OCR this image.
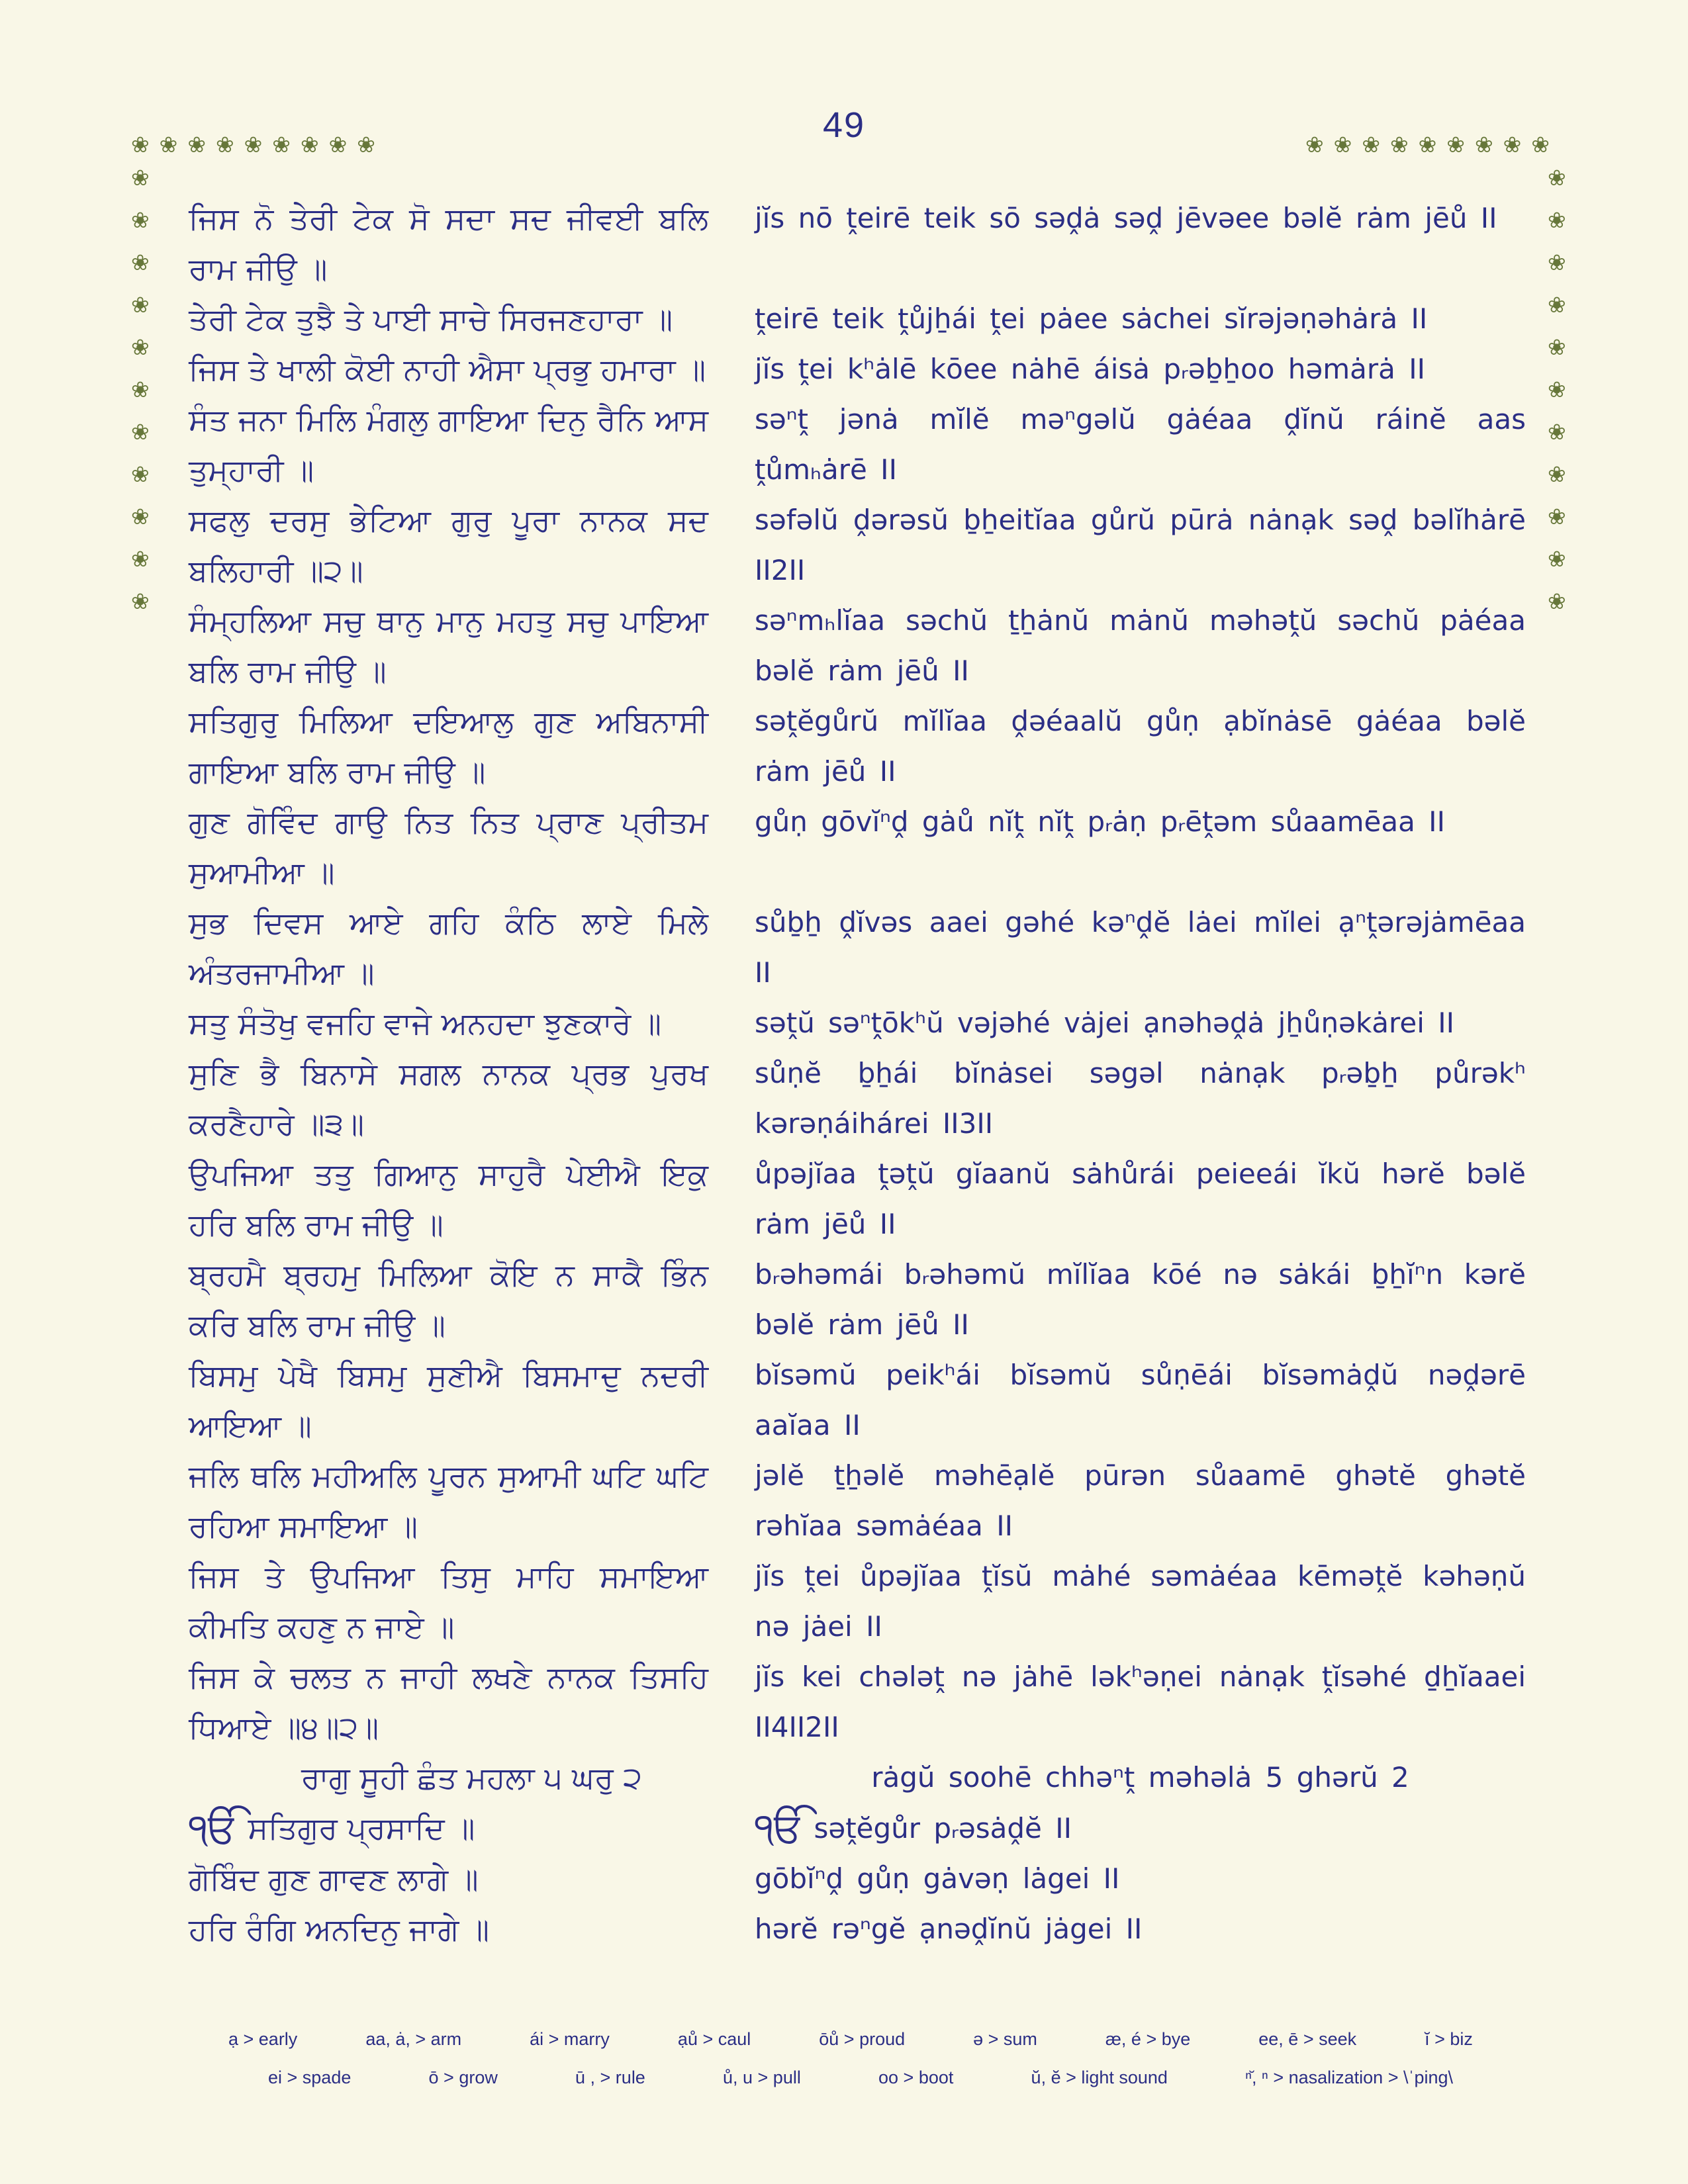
49
❀ ❀ ❀ ❀ ❀ ❀ ❀ ❀ ❀	❀ ❀ ❀ ❀ ❀ ❀ ❀ ❀ ❀
❀
❀
❀
❀
❀
❀
❀
❀
❀
❀
❀
❀
❀
❀
❀
❀
❀
❀
❀
❀
❀
❀
ਜਿਸ ਨੋ ਤੇਰੀ ਟੇਕ ਸੋ ਸਦਾ ਸਦ ਜੀਵਈ ਬਲਿ ਰਾਮ ਜੀਉ ॥
jĭs nō ṱeirē teik sō səḓȧ səḓ jēvəee bəlĕ rȧm jēů II
ਤੇਰੀ ਟੇਕ ਤੁਝੈ ਤੇ ਪਾਈ ਸਾਚੇ ਸਿਰਜਣਹਾਰਾ ॥	ṱeirē teik ṱůjẖái ṱei pȧee sȧchei sĭrəjəṇəhȧrȧ II
ਜਿਸ ਤੇ ਖਾਲੀ ਕੋਈ ਨਾਹੀ ਐਸਾ ਪ੍ਰਭੁ ਹਮਾਰਾ ॥	jĭs ṱei kʰȧlē kōee nȧhē áisȧ pᵣəḇẖoo həmȧrȧ II
ਸੰਤ ਜਨਾ ਮਿਲਿ ਮੰਗਲੁ ਗਾਇਆ ਦਿਨੁ ਰੈਨਿ ਆਸ ਤੁਮ੍ਹਾਰੀ ॥
səⁿṱ jənȧ mĭlĕ məⁿgəlŭ gȧéaa ḓĭnŭ ráinĕ aas ṱůmₕȧrē II
ਸਫਲੁ ਦਰਸੁ ਭੇਟਿਆ ਗੁਰੁ ਪੂਰਾ ਨਾਨਕ ਸਦ ਬਲਿਹਾਰੀ ॥੨॥
səfəlŭ ḓərəsŭ ḇẖeitĭaa gůrŭ pūrȧ nȧnạk səḓ bəlĭhȧrē II2II
ਸੰਮ੍ਹਲਿਆ ਸਚੁ ਥਾਨੁ ਮਾਨੁ ਮਹਤੁ ਸਚੁ ਪਾਇਆ ਬਲਿ ਰਾਮ ਜੀਉ ॥
səⁿmₕlĭaa səchŭ ṯẖȧnŭ mȧnŭ məhəṱŭ səchŭ pȧéaa bəlĕ rȧm jēů II
ਸਤਿਗੁਰੁ ਮਿਲਿਆ ਦਇਆਲੁ ਗੁਣ ਅਬਿਨਾਸੀ ਗਾਇਆ ਬਲਿ ਰਾਮ ਜੀਉ ॥
səṱĕgůrŭ mĭlĭaa ḓəéaalŭ gůṇ ạbĭnȧsē gȧéaa bəlĕ rȧm jēů II
ਗੁਣ ਗੋਵਿੰਦ ਗਾਉ ਨਿਤ ਨਿਤ ਪ੍ਰਾਣ ਪ੍ਰੀਤਮ ਸੁਆਮੀਆ ॥
gůṇ gōvĭⁿḓ gȧů nĭṱ nĭṱ pᵣȧṇ pᵣēṱəm sůaamēaa II
ਸੁਭ ਦਿਵਸ ਆਏ ਗਹਿ ਕੰਠਿ ਲਾਏ ਮਿਲੇ ਅੰਤਰਜਾਮੀਆ ॥
sůḇẖ ḓĭvəs aaei gəhé kəⁿḓĕ lȧei mĭlei ạⁿṱərəjȧmēaa II
ਸਤੁ ਸੰਤੋਖੁ ਵਜਹਿ ਵਾਜੇ ਅਨਹਦਾ ਝੁਣਕਾਰੇ ॥	səṱŭ səⁿṱōkʰŭ vəjəhé vȧjei ạnəhəḓȧ jẖůṇəkȧrei II
ਸੁਣਿ ਭੈ ਬਿਨਾਸੇ ਸਗਲ ਨਾਨਕ ਪ੍ਰਭ ਪੁਰਖ ਕਰਣੈਹਾਰੇ ॥੩॥
sůṇĕ ḇẖái bĭnȧsei səgəl nȧnạk pᵣəḇẖ půrəkʰ kərəṇáihárei II3II
ਉਪਜਿਆ ਤਤੁ ਗਿਆਨੁ ਸਾਹੁਰੈ ਪੇਈਐ ਇਕੁ ਹਰਿ ਬਲਿ ਰਾਮ ਜੀਉ ॥
ůpəjĭaa ṱəṱŭ gĭaanŭ sȧhůrái peieeái ĭkŭ hərĕ bəlĕ rȧm jēů II
ਬ੍ਰਹਮੈ ਬ੍ਰਹਮੁ ਮਿਲਿਆ ਕੋਇ ਨ ਸਾਕੈ ਭਿੰਨ ਕਰਿ ਬਲਿ ਰਾਮ ਜੀਉ ॥
bᵣəhəmái bᵣəhəmŭ mĭlĭaa kōé nə sȧkái ḇẖĭⁿn kərĕ bəlĕ rȧm jēů II
ਬਿਸਮੁ ਪੇਖੈ ਬਿਸਮੁ ਸੁਣੀਐ ਬਿਸਮਾਦੁ ਨਦਰੀ ਆਇਆ ॥
bĭsəmŭ peikʰái bĭsəmŭ sůṇēái bĭsəmȧḓŭ nəḓərē aaĭaa II
ਜਲਿ ਥਲਿ ਮਹੀਅਲਿ ਪੂਰਨ ਸੁਆਮੀ ਘਟਿ ਘਟਿ ਰਹਿਆ ਸਮਾਇਆ ॥
jəlĕ ṯẖəlĕ məhēạlĕ pūrən sůaamē ghətĕ ghətĕ rəhĭaa səmȧéaa II
ਜਿਸ ਤੇ ਉਪਜਿਆ ਤਿਸੁ ਮਾਹਿ ਸਮਾਇਆ ਕੀਮਤਿ ਕਹਣੁ ਨ ਜਾਏ ॥
jĭs ṱei ůpəjĭaa ṱĭsŭ mȧhé səmȧéaa kēməṱĕ kəhəṇŭ nə jȧei II
ਜਿਸ ਕੇ ਚਲਤ ਨ ਜਾਹੀ ਲਖਣੇ ਨਾਨਕ ਤਿਸਹਿ ਧਿਆਏ ॥੪॥੨॥
jĭs kei chələṱ nə jȧhē ləkʰəṇei nȧnạk ṱĭsəhé ḏẖĭaaei II4II2II
ਰਾਗੁ ਸੂਹੀ ਛੰਤ ਮਹਲਾ ੫ ਘਰੁ ੨	rȧgŭ soohē chhəⁿṱ məhəlȧ 5 ghərŭ 2
ੴ ਸਤਿਗੁਰ ਪ੍ਰਸਾਦਿ ॥	ੴ səṱĕgůr pᵣəsȧḓĕ II
ਗੋਬਿੰਦ ਗੁਣ ਗਾਵਣ ਲਾਗੇ ॥	gōbĭⁿḓ gůṇ gȧvəṇ lȧgei II
ਹਰਿ ਰੰਗਿ ਅਨਦਿਨੁ ਜਾਗੇ ॥	hərĕ rəⁿgĕ ạnəḓĭnŭ jȧgei II
ạ > early	aa, ȧ, > arm	ái > marry	ạů > caul	ōů > proud	ə > sum	æ, é > bye	ee, ē > seek	ĭ > biz
ei > spade	ō > grow	ū , > rule	ů, u > pull	oo > boot	ŭ, ĕ > light sound	ⁿ̆, ⁿ > nasalization > \ˈping\
